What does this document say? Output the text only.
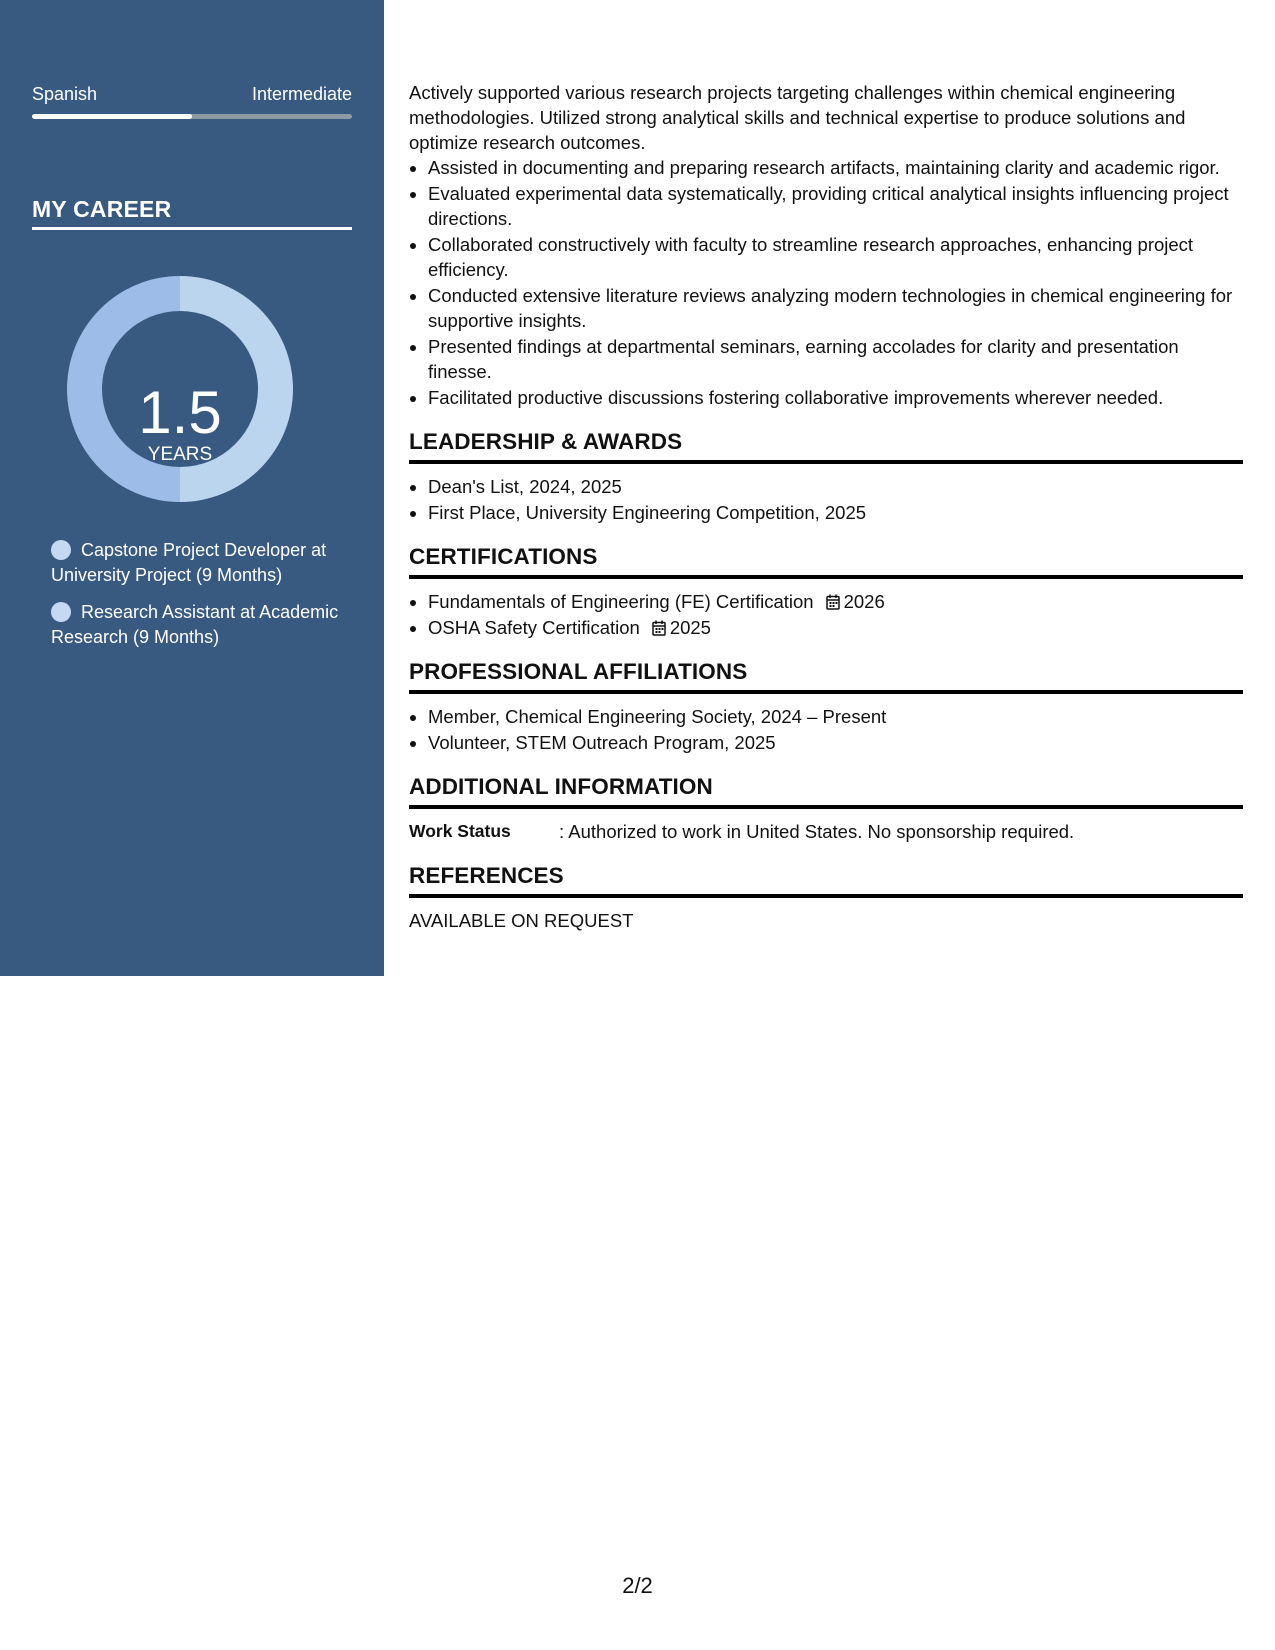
Spanish	Intermediate
MY CAREER
1.5
YEARS
Capstone Project Developer at University Project (9 Months)
Research Assistant at Academic Research (9 Months)

Actively supported various research projects targeting challenges within chemical engineering methodologies. Utilized strong analytical skills and technical expertise to produce solutions and optimize research outcomes.

• Assisted in documenting and preparing research artifacts, maintaining clarity and academic rigor.
• Evaluated experimental data systematically, providing critical analytical insights influencing project directions.
• Collaborated constructively with faculty to streamline research approaches, enhancing project efficiency.
• Conducted extensive literature reviews analyzing modern technologies in chemical engineering for supportive insights.
• Presented findings at departmental seminars, earning accolades for clarity and presentation finesse.
• Facilitated productive discussions fostering collaborative improvements wherever needed.
LEADERSHIP & AWARDS
• Dean's List, 2024, 2025
• First Place, University Engineering Competition, 2025
CERTIFICATIONS
• Fundamentals of Engineering (FE) Certification 2026
• OSHA Safety Certification 2025
PROFESSIONAL AFFILIATIONS
• Member, Chemical Engineering Society, 2024 – Present
• Volunteer, STEM Outreach Program, 2025
ADDITIONAL INFORMATION
Work Status	: Authorized to work in United States. No sponsorship required.
REFERENCES
AVAILABLE ON REQUEST
2/2
